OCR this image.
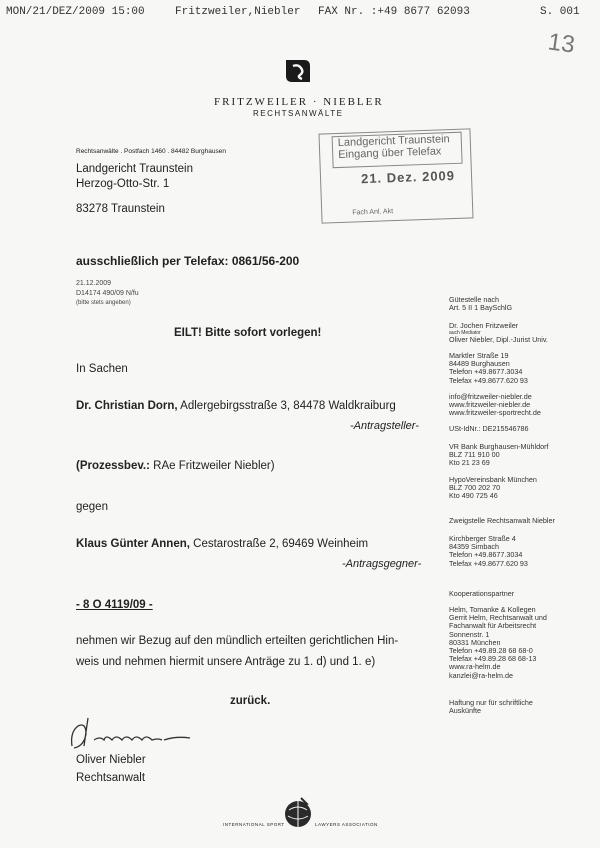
MON/21/DEZ/2009 15:00	Fritzweiler,Niebler FAX Nr. :+49 8677 62093	S. 001
13
FRITZWEILER · NIEBLER
RECHTSANWÄLTE
Rechtsanwälte . Postfach 1460 . 84482 Burghausen
Landgericht Traunstein
Herzog-Otto-Str. 1
83278 Traunstein
Landgericht Traunstein
Eingang über Telefax
21. Dez. 2009
Fach Anl. Akt
ausschließlich per Telefax: 0861/56-200
21.12.2009
D14174 490/09 N/fu
(bitte stets angeben)
EILT! Bitte sofort vorlegen!
In Sachen
Dr. Christian Dorn, Adlergebirgsstraße 3, 84478 Waldkraiburg
-Antragsteller-
(Prozessbev.: RAe Fritzweiler Niebler)
gegen
Klaus Günter Annen, Cestarostraße 2, 69469 Weinheim
-Antragsgegner-
- 8 O 4119/09 -
nehmen wir Bezug auf den mündlich erteilten gerichtlichen Hin-
weis und nehmen hiermit unsere Anträge zu 1. d) und 1. e)
zurück.
Oliver Niebler
Rechtsanwalt
Gütestelle nach
Art. 5 II 1 BaySchlG
Dr. Jochen Fritzweiler
auch Mediator
Oliver Niebler, Dipl.-Jurist Univ.
Marktler Straße 19
84489 Burghausen
Telefon +49.8677.3034
Telefax +49.8677.620 93
info@fritzweiler-niebler.de
www.fritzweiler-niebler.de
www.fritzweiler-sportrecht.de
USt-IdNr.: DE215546786
VR Bank Burghausen-Mühldorf
BLZ 711 910 00
Kto 21 23 69
HypoVereinsbank München
BLZ 700 202 70
Kto 490 725 46
Zweigstelle Rechtsanwalt Niebler
Kirchberger Straße 4
84359 Simbach
Telefon +49.8677.3034
Telefax +49.8677.620 93
Kooperationspartner
Helm, Tomanke & Kollegen
Gerrit Helm, Rechtsanwalt und
Fachanwalt für Arbeitsrecht
Sonnenstr. 1
80331 München
Telefon +49.89.28 68 68-0
Telefax +49.89.28 68 68-13
www.ra-helm.de
kanzlei@ra-helm.de
Haftung nur für schriftliche
Auskünfte
INTERNATIONAL SPORT	LAWYERS ASSOCIATION
